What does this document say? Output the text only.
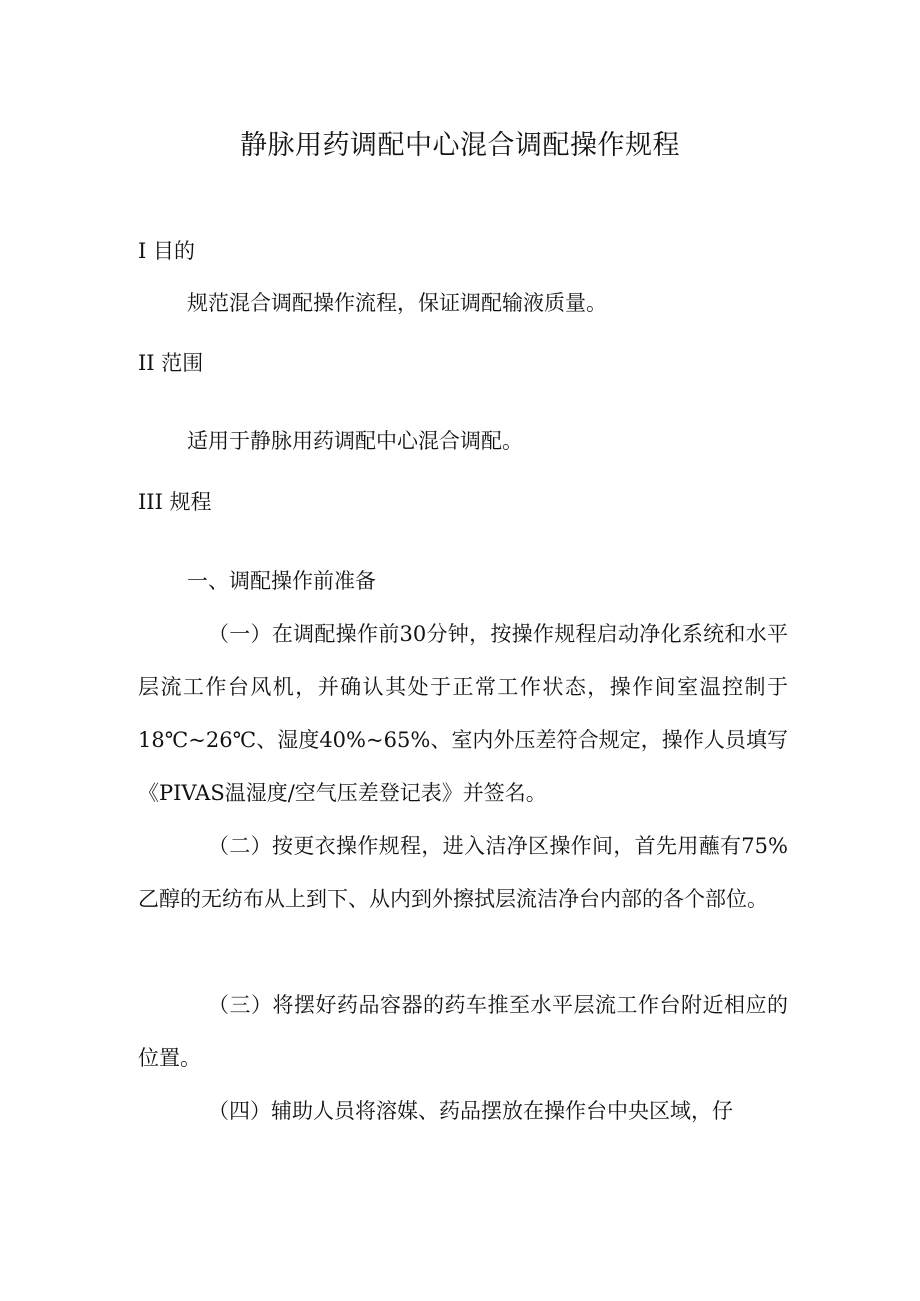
静脉用药调配中心混合调配操作规程
I 目的

规范混合调配操作流程，保证调配输液质量。

II 范围

适用于静脉用药调配中心混合调配。

III 规程

一、调配操作前准备

（一）在调配操作前30分钟，按操作规程启动净化系统和水平层流工作台风机，并确认其处于正常工作状态，操作间室温控制于18℃~26℃、湿度40%~65%、室内外压差符合规定，操作人员填写《PIVAS温湿度/空气压差登记表》并签名。

（二）按更衣操作规程，进入洁净区操作间，首先用蘸有75%乙醇的无纺布从上到下、从内到外擦拭层流洁净台内部的各个部位。

（三）将摆好药品容器的药车推至水平层流工作台附近相应的位置。

（四）辅助人员将溶媒、药品摆放在操作台中央区域，仔
